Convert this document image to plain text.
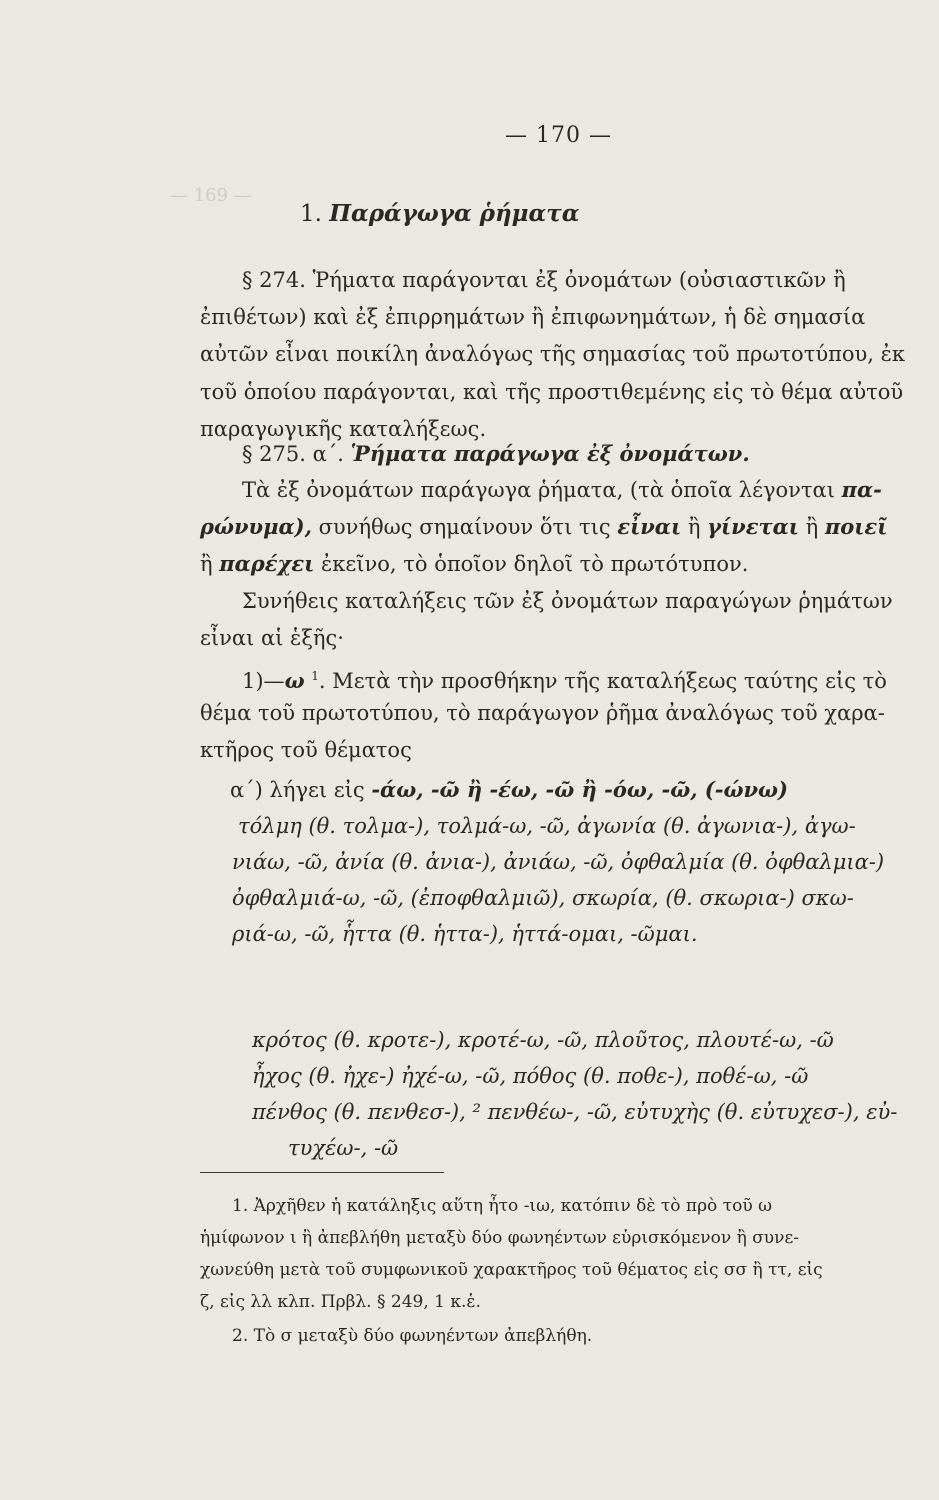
— 169 —
— 170 —
1. Παράγωγα ῥήματα
§ 274. Ῥήματα παράγονται ἐξ ὀνομάτων (οὐσιαστικῶν ἢ
ἐπιθέτων) καὶ ἐξ ἐπιρρημάτων ἢ ἐπιφωνημάτων, ἡ δὲ σημασία
αὐτῶν εἶναι ποικίλη ἀναλόγως τῆς σημασίας τοῦ πρωτοτύπου, ἐκ
τοῦ ὁποίου παράγονται, καὶ τῆς προστιθεμένης εἰς τὸ θέμα αὐτοῦ
παραγωγικῆς καταλήξεως.
§ 275. α΄. Ῥήματα παράγωγα ἐξ ὀνομάτων.
Τὰ ἐξ ὀνομάτων παράγωγα ῥήματα, (τὰ ὁποῖα λέγονται πα-
ρώνυμα), συνήθως σημαίνουν ὅτι τις εἶναι ἢ γίνεται ἢ ποιεῖ
ἢ παρέχει ἐκεῖνο, τὸ ὁποῖον δηλοῖ τὸ πρωτότυπον.
Συνήθεις καταλήξεις τῶν ἐξ ὀνομάτων παραγώγων ῥημάτων
εἶναι αἱ ἑξῆς·
1)—ω $^1$. Μετὰ τὴν προσθήκην τῆς καταλήξεως ταύτης εἰς τὸ
θέμα τοῦ πρωτοτύπου, τὸ παράγωγον ῥῆμα ἀναλόγως τοῦ χαρα-
κτῆρος τοῦ θέματος
α΄) λήγει εἰς -άω, -ῶ ἢ -έω, -ῶ ἢ -όω, -ῶ, (-ώνω)
τόλμη (θ. τολμα-), τολμά-ω, -ῶ, ἀγωνία (θ. ἀγωνια-), ἀγω-
νιάω, -ῶ, ἀνία (θ. ἀνια-), ἀνιάω, -ῶ, ὀφθαλμία (θ. ὀφθαλμια-)
ὀφθαλμιά-ω, -ῶ, (ἐποφθαλμιῶ), σκωρία, (θ. σκωρια-) σκω-
ριά-ω, -ῶ, ἧττα (θ. ἡττα-), ἡττά-ομαι, -ῶμαι.
κρότος (θ. κροτε-), κροτέ-ω, -ῶ, πλοῦτος, πλουτέ-ω, -ῶ
ἦχος (θ. ἠχε-) ἠχέ-ω, -ῶ, πόθος (θ. ποθε-), ποθέ-ω, -ῶ
πένθος (θ. πενθεσ-), ² πενθέω-, -ῶ, εὐτυχὴς (θ. εὐτυχεσ-), εὐ-
τυχέω-, -ῶ
1. Ἀρχῆθεν ἡ κατάληξις αὕτη ἦτο -ιω, κατόπιν δὲ τὸ πρὸ τοῦ ω
ἡμίφωνον ι ἢ ἀπεβλήθη μεταξὺ δύο φωνηέντων εὑρισκόμενον ἢ συνε-
χωνεύθη μετὰ τοῦ συμφωνικοῦ χαρακτῆρος τοῦ θέματος εἰς σσ ἢ ττ, εἰς
ζ, εἰς λλ κλπ. Πρβλ. § 249, 1 κ.ἑ.
2. Τὸ σ μεταξὺ δύο φωνηέντων ἀπεβλήθη.
